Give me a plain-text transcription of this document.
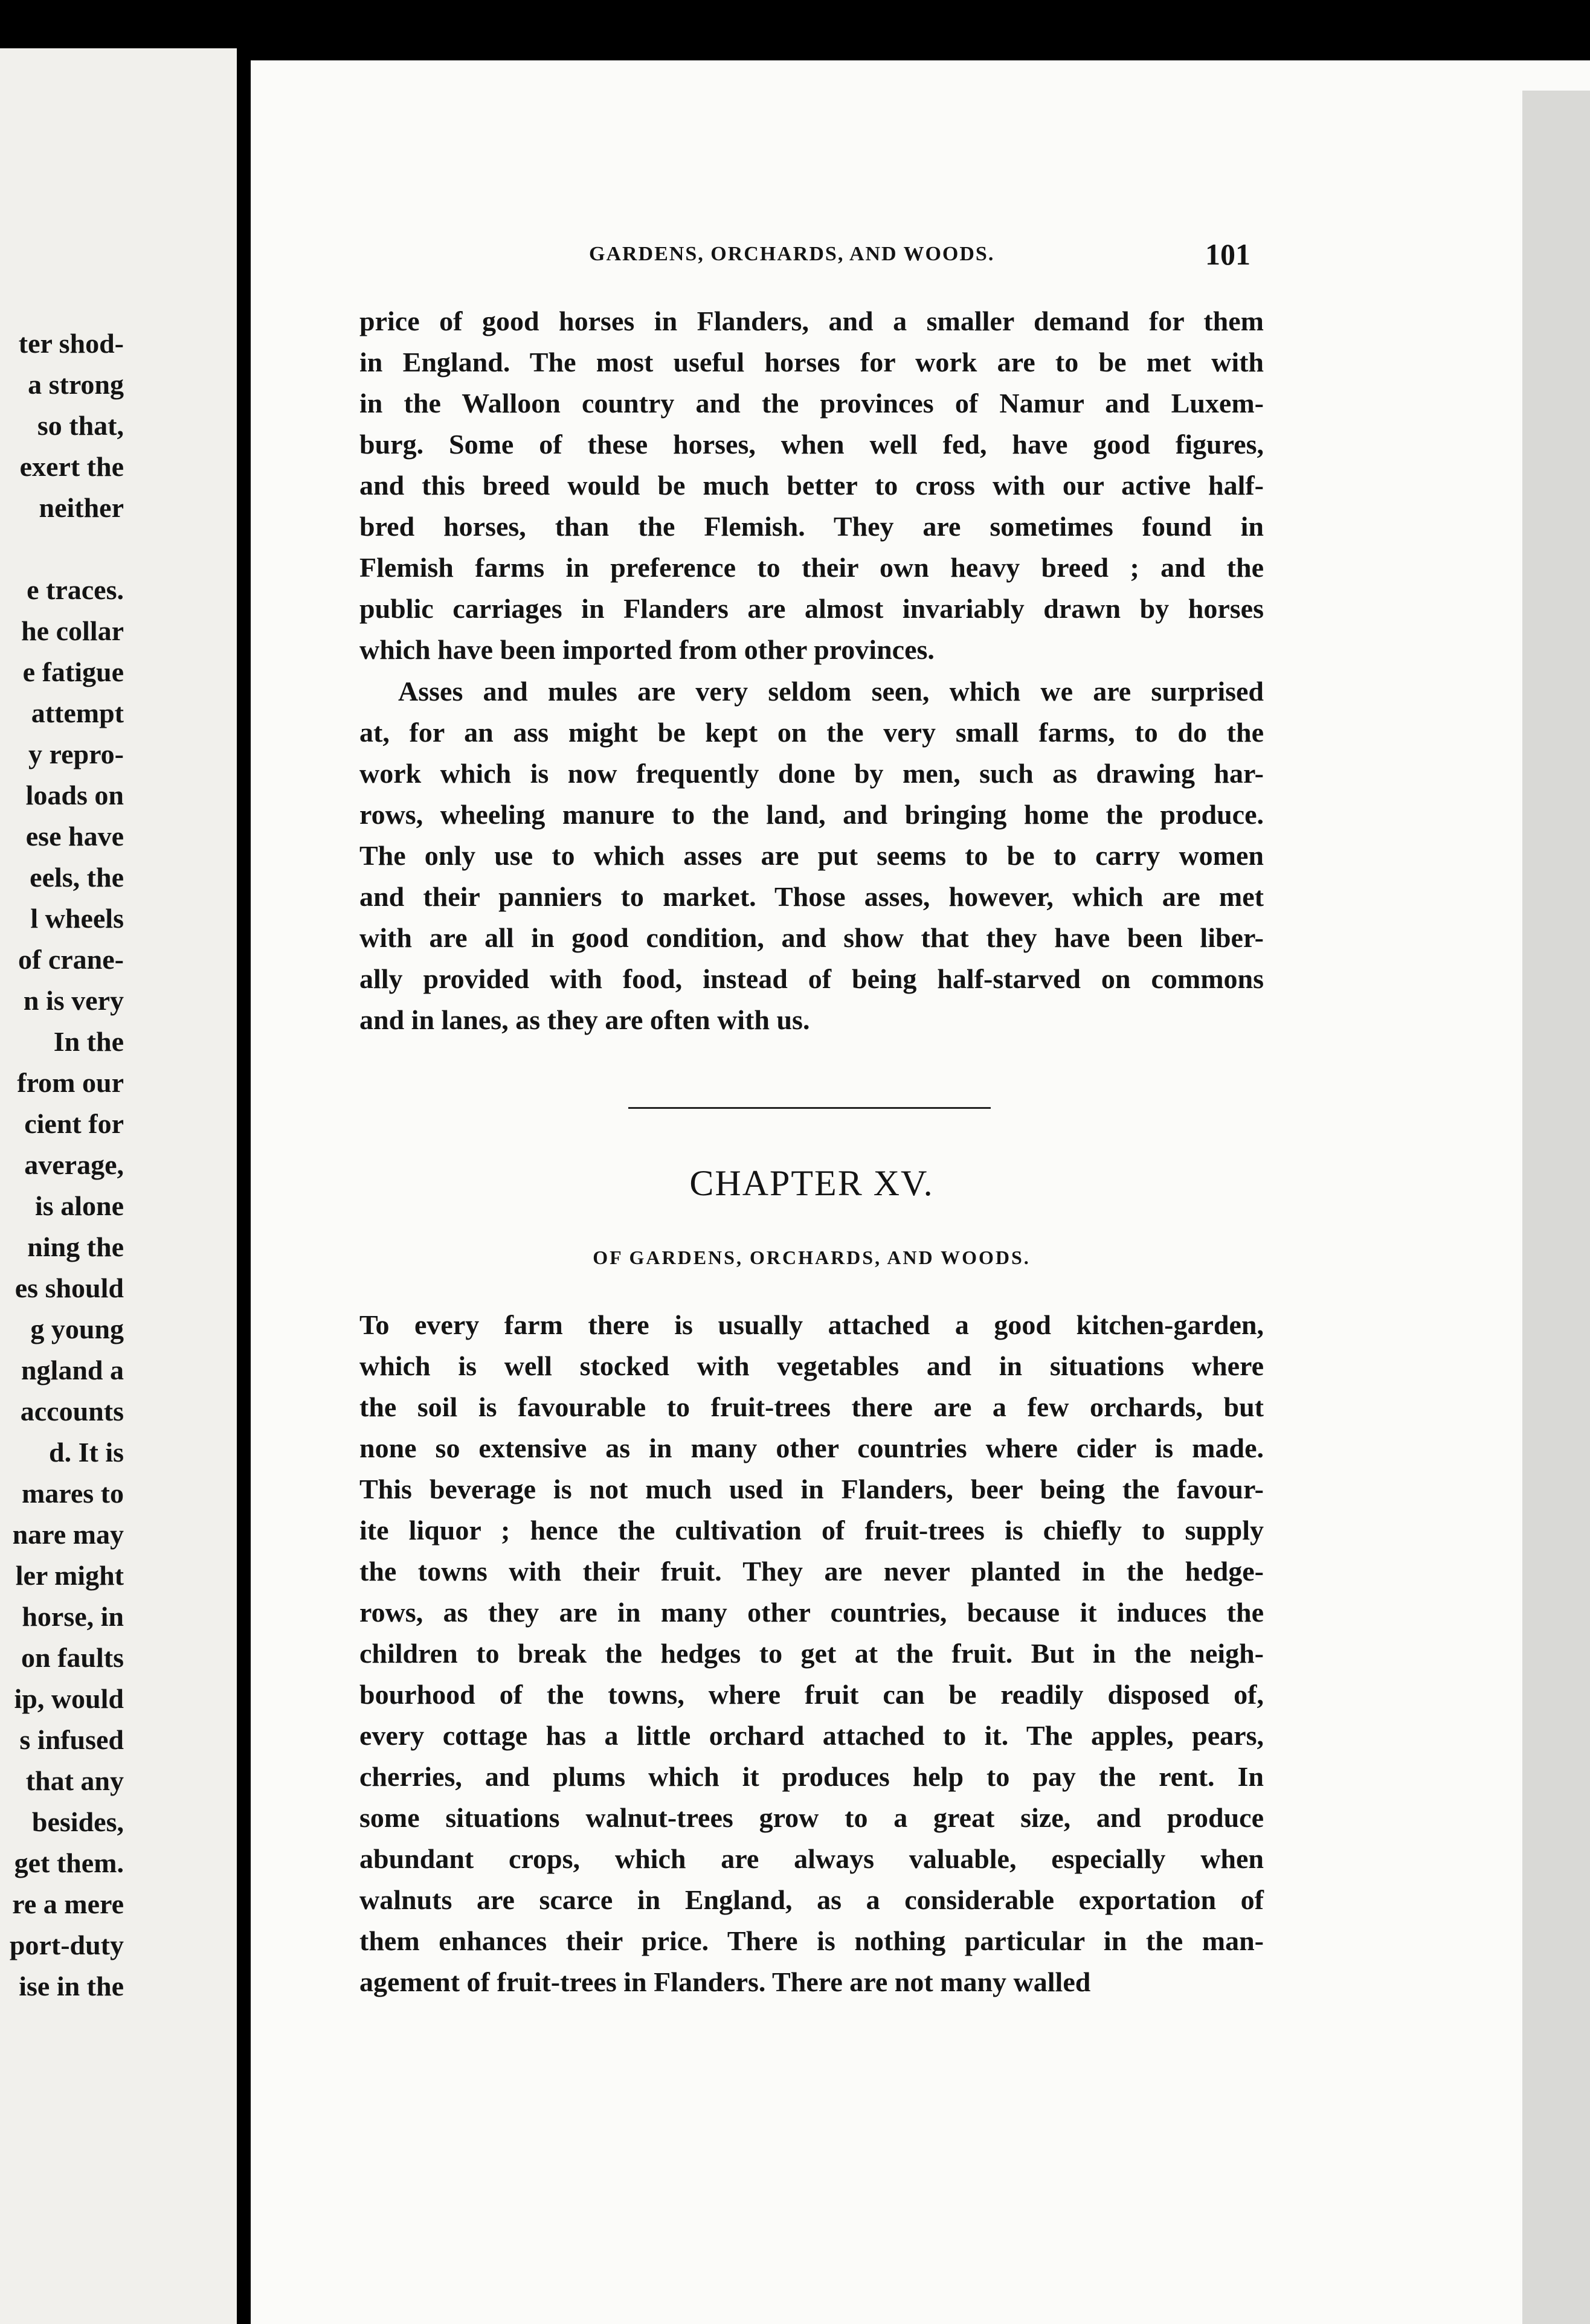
ter shod-
a strong
so that,
exert the
neither

e traces.
he collar
e fatigue
attempt
y repro-
loads on
ese have
eels, the
l wheels
of crane-
n is very
In the
from our
cient for
average,
is alone
ning the
es should
g young
ngland a
accounts
d. It is
mares to
nare may
ler might
horse, in
on faults
ip, would
s infused
that any
besides,
get them.
re a mere
port-duty
ise in the
GARDENS, ORCHARDS, AND WOODS.	101
price of good horses in Flanders, and a smaller demand for them
in England. The most useful horses for work are to be met with
in the Walloon country and the provinces of Namur and Luxem-
burg. Some of these horses, when well fed, have good figures,
and this breed would be much better to cross with our active half-
bred horses, than the Flemish. They are sometimes found in
Flemish farms in preference to their own heavy breed ; and the
public carriages in Flanders are almost invariably drawn by horses
which have been imported from other provinces.
Asses and mules are very seldom seen, which we are surprised
at, for an ass might be kept on the very small farms, to do the
work which is now frequently done by men, such as drawing har-
rows, wheeling manure to the land, and bringing home the produce.
The only use to which asses are put seems to be to carry women
and their panniers to market. Those asses, however, which are met
with are all in good condition, and show that they have been liber-
ally provided with food, instead of being half-starved on commons
and in lanes, as they are often with us.
CHAPTER XV.
OF GARDENS, ORCHARDS, AND WOODS.
To every farm there is usually attached a good kitchen-garden,
which is well stocked with vegetables and in situations where
the soil is favourable to fruit-trees there are a few orchards, but
none so extensive as in many other countries where cider is made.
This beverage is not much used in Flanders, beer being the favour-
ite liquor ; hence the cultivation of fruit-trees is chiefly to supply
the towns with their fruit. They are never planted in the hedge-
rows, as they are in many other countries, because it induces the
children to break the hedges to get at the fruit. But in the neigh-
bourhood of the towns, where fruit can be readily disposed of,
every cottage has a little orchard attached to it. The apples, pears,
cherries, and plums which it produces help to pay the rent. In
some situations walnut-trees grow to a great size, and produce
abundant crops, which are always valuable, especially when
walnuts are scarce in England, as a considerable exportation of
them enhances their price. There is nothing particular in the man-
agement of fruit-trees in Flanders. There are not many walled
